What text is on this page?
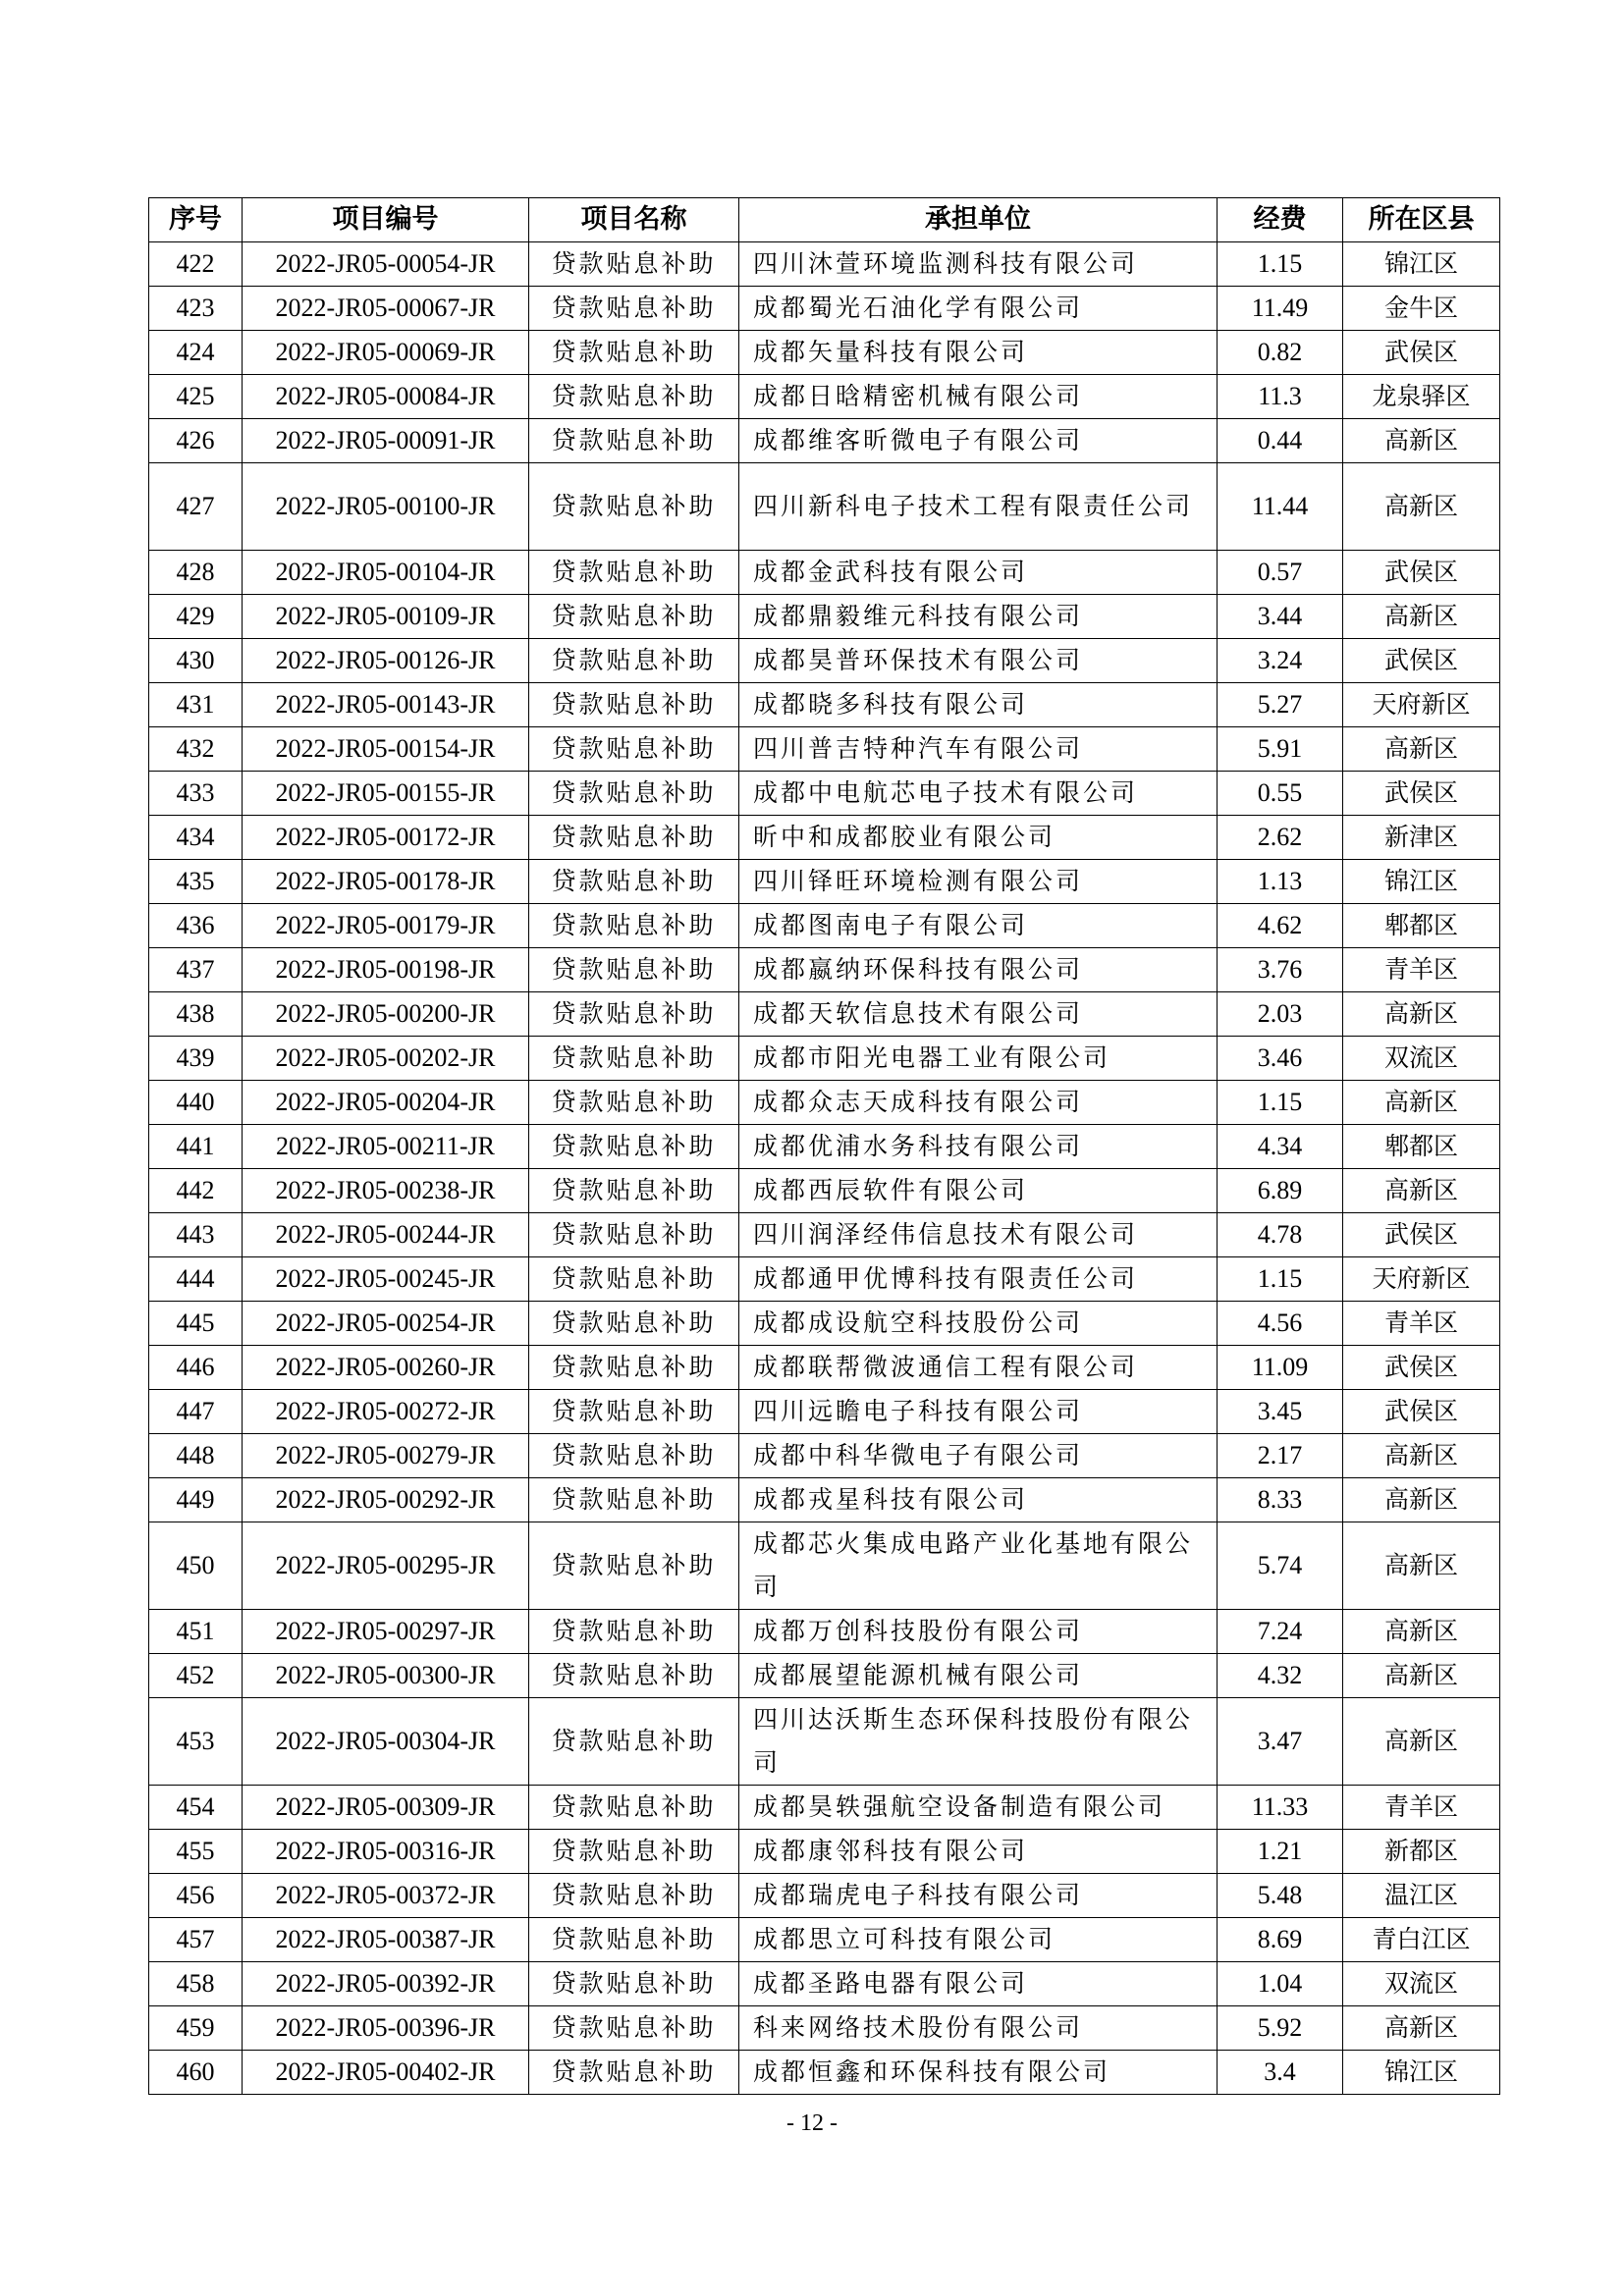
序号	项目编号	项目名称	承担单位	经费	所在区县
422	2022-JR05-00054-JR	贷款贴息补助	四川沐萱环境监测科技有限公司	1.15	锦江区
423	2022-JR05-00067-JR	贷款贴息补助	成都蜀光石油化学有限公司	11.49	金牛区
424	2022-JR05-00069-JR	贷款贴息补助	成都矢量科技有限公司	0.82	武侯区
425	2022-JR05-00084-JR	贷款贴息补助	成都日晗精密机械有限公司	11.3	龙泉驿区
426	2022-JR05-00091-JR	贷款贴息补助	成都维客昕微电子有限公司	0.44	高新区
427	2022-JR05-00100-JR	贷款贴息补助	四川新科电子技术工程有限责任公司	11.44	高新区
428	2022-JR05-00104-JR	贷款贴息补助	成都金武科技有限公司	0.57	武侯区
429	2022-JR05-00109-JR	贷款贴息补助	成都鼎毅维元科技有限公司	3.44	高新区
430	2022-JR05-00126-JR	贷款贴息补助	成都昊普环保技术有限公司	3.24	武侯区
431	2022-JR05-00143-JR	贷款贴息补助	成都晓多科技有限公司	5.27	天府新区
432	2022-JR05-00154-JR	贷款贴息补助	四川普吉特种汽车有限公司	5.91	高新区
433	2022-JR05-00155-JR	贷款贴息补助	成都中电航芯电子技术有限公司	0.55	武侯区
434	2022-JR05-00172-JR	贷款贴息补助	昕中和成都胶业有限公司	2.62	新津区
435	2022-JR05-00178-JR	贷款贴息补助	四川铎旺环境检测有限公司	1.13	锦江区
436	2022-JR05-00179-JR	贷款贴息补助	成都图南电子有限公司	4.62	郫都区
437	2022-JR05-00198-JR	贷款贴息补助	成都嬴纳环保科技有限公司	3.76	青羊区
438	2022-JR05-00200-JR	贷款贴息补助	成都天软信息技术有限公司	2.03	高新区
439	2022-JR05-00202-JR	贷款贴息补助	成都市阳光电器工业有限公司	3.46	双流区
440	2022-JR05-00204-JR	贷款贴息补助	成都众志天成科技有限公司	1.15	高新区
441	2022-JR05-00211-JR	贷款贴息补助	成都优浦水务科技有限公司	4.34	郫都区
442	2022-JR05-00238-JR	贷款贴息补助	成都西辰软件有限公司	6.89	高新区
443	2022-JR05-00244-JR	贷款贴息补助	四川润泽经伟信息技术有限公司	4.78	武侯区
444	2022-JR05-00245-JR	贷款贴息补助	成都通甲优博科技有限责任公司	1.15	天府新区
445	2022-JR05-00254-JR	贷款贴息补助	成都成设航空科技股份公司	4.56	青羊区
446	2022-JR05-00260-JR	贷款贴息补助	成都联帮微波通信工程有限公司	11.09	武侯区
447	2022-JR05-00272-JR	贷款贴息补助	四川远瞻电子科技有限公司	3.45	武侯区
448	2022-JR05-00279-JR	贷款贴息补助	成都中科华微电子有限公司	2.17	高新区
449	2022-JR05-00292-JR	贷款贴息补助	成都戎星科技有限公司	8.33	高新区
450	2022-JR05-00295-JR	贷款贴息补助	成都芯火集成电路产业化基地有限公司	5.74	高新区
451	2022-JR05-00297-JR	贷款贴息补助	成都万创科技股份有限公司	7.24	高新区
452	2022-JR05-00300-JR	贷款贴息补助	成都展望能源机械有限公司	4.32	高新区
453	2022-JR05-00304-JR	贷款贴息补助	四川达沃斯生态环保科技股份有限公司	3.47	高新区
454	2022-JR05-00309-JR	贷款贴息补助	成都昊轶强航空设备制造有限公司	11.33	青羊区
455	2022-JR05-00316-JR	贷款贴息补助	成都康邻科技有限公司	1.21	新都区
456	2022-JR05-00372-JR	贷款贴息补助	成都瑞虎电子科技有限公司	5.48	温江区
457	2022-JR05-00387-JR	贷款贴息补助	成都思立可科技有限公司	8.69	青白江区
458	2022-JR05-00392-JR	贷款贴息补助	成都圣路电器有限公司	1.04	双流区
459	2022-JR05-00396-JR	贷款贴息补助	科来网络技术股份有限公司	5.92	高新区
460	2022-JR05-00402-JR	贷款贴息补助	成都恒鑫和环保科技有限公司	3.4	锦江区
- 12 -
